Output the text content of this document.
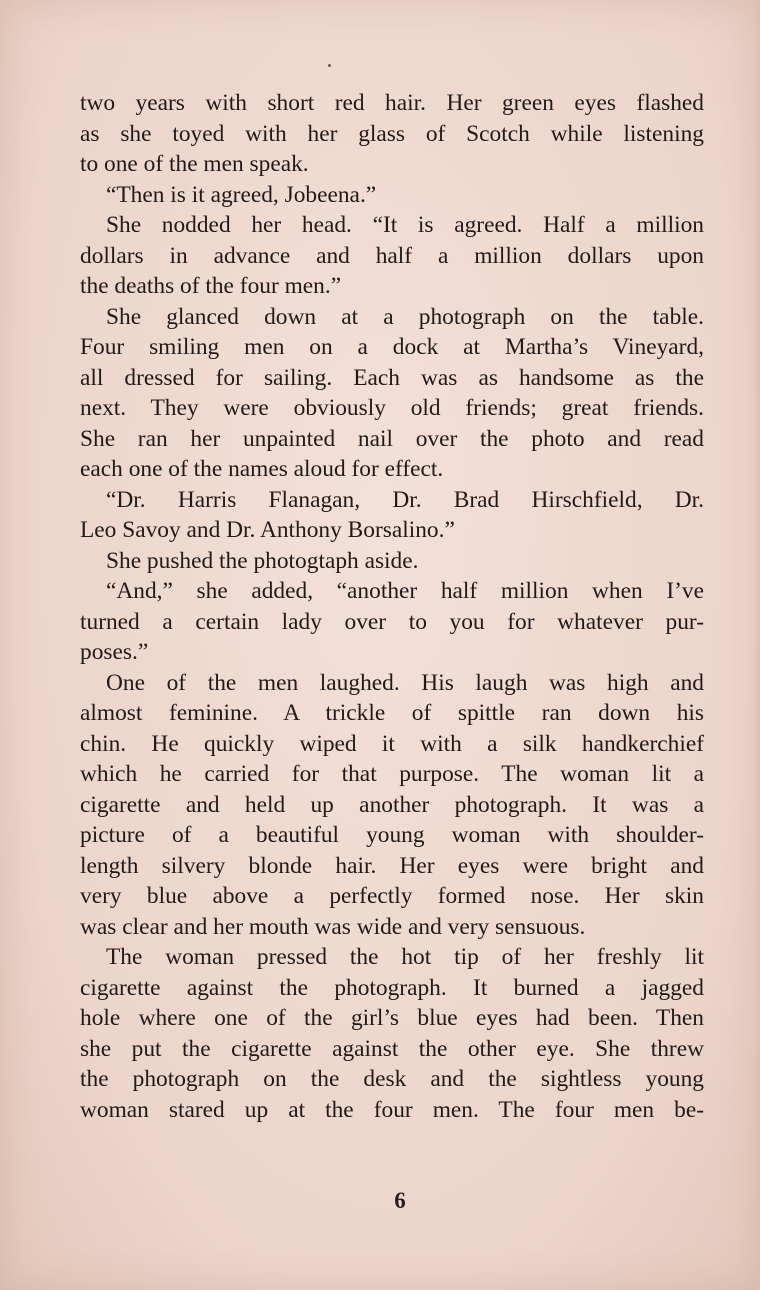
two years with short red hair. Her green eyes flashed
as she toyed with her glass of Scotch while listening
to one of the men speak.
“Then is it agreed, Jobeena.”
She nodded her head. “It is agreed. Half a million
dollars in advance and half a million dollars upon
the deaths of the four men.”
She glanced down at a photograph on the table.
Four smiling men on a dock at Martha’s Vineyard,
all dressed for sailing. Each was as handsome as the
next. They were obviously old friends; great friends.
She ran her unpainted nail over the photo and read
each one of the names aloud for effect.
“Dr. Harris Flanagan, Dr. Brad Hirschfield, Dr.
Leo Savoy and Dr. Anthony Borsalino.”
She pushed the photogtaph aside.
“And,” she added, “another half million when I’ve
turned a certain lady over to you for whatever pur-
poses.”
One of the men laughed. His laugh was high and
almost feminine. A trickle of spittle ran down his
chin. He quickly wiped it with a silk handkerchief
which he carried for that purpose. The woman lit a
cigarette and held up another photograph. It was a
picture of a beautiful young woman with shoulder-
length silvery blonde hair. Her eyes were bright and
very blue above a perfectly formed nose. Her skin
was clear and her mouth was wide and very sensuous.
The woman pressed the hot tip of her freshly lit
cigarette against the photograph. It burned a jagged
hole where one of the girl’s blue eyes had been. Then
she put the cigarette against the other eye. She threw
the photograph on the desk and the sightless young
woman stared up at the four men. The four men be-
6
